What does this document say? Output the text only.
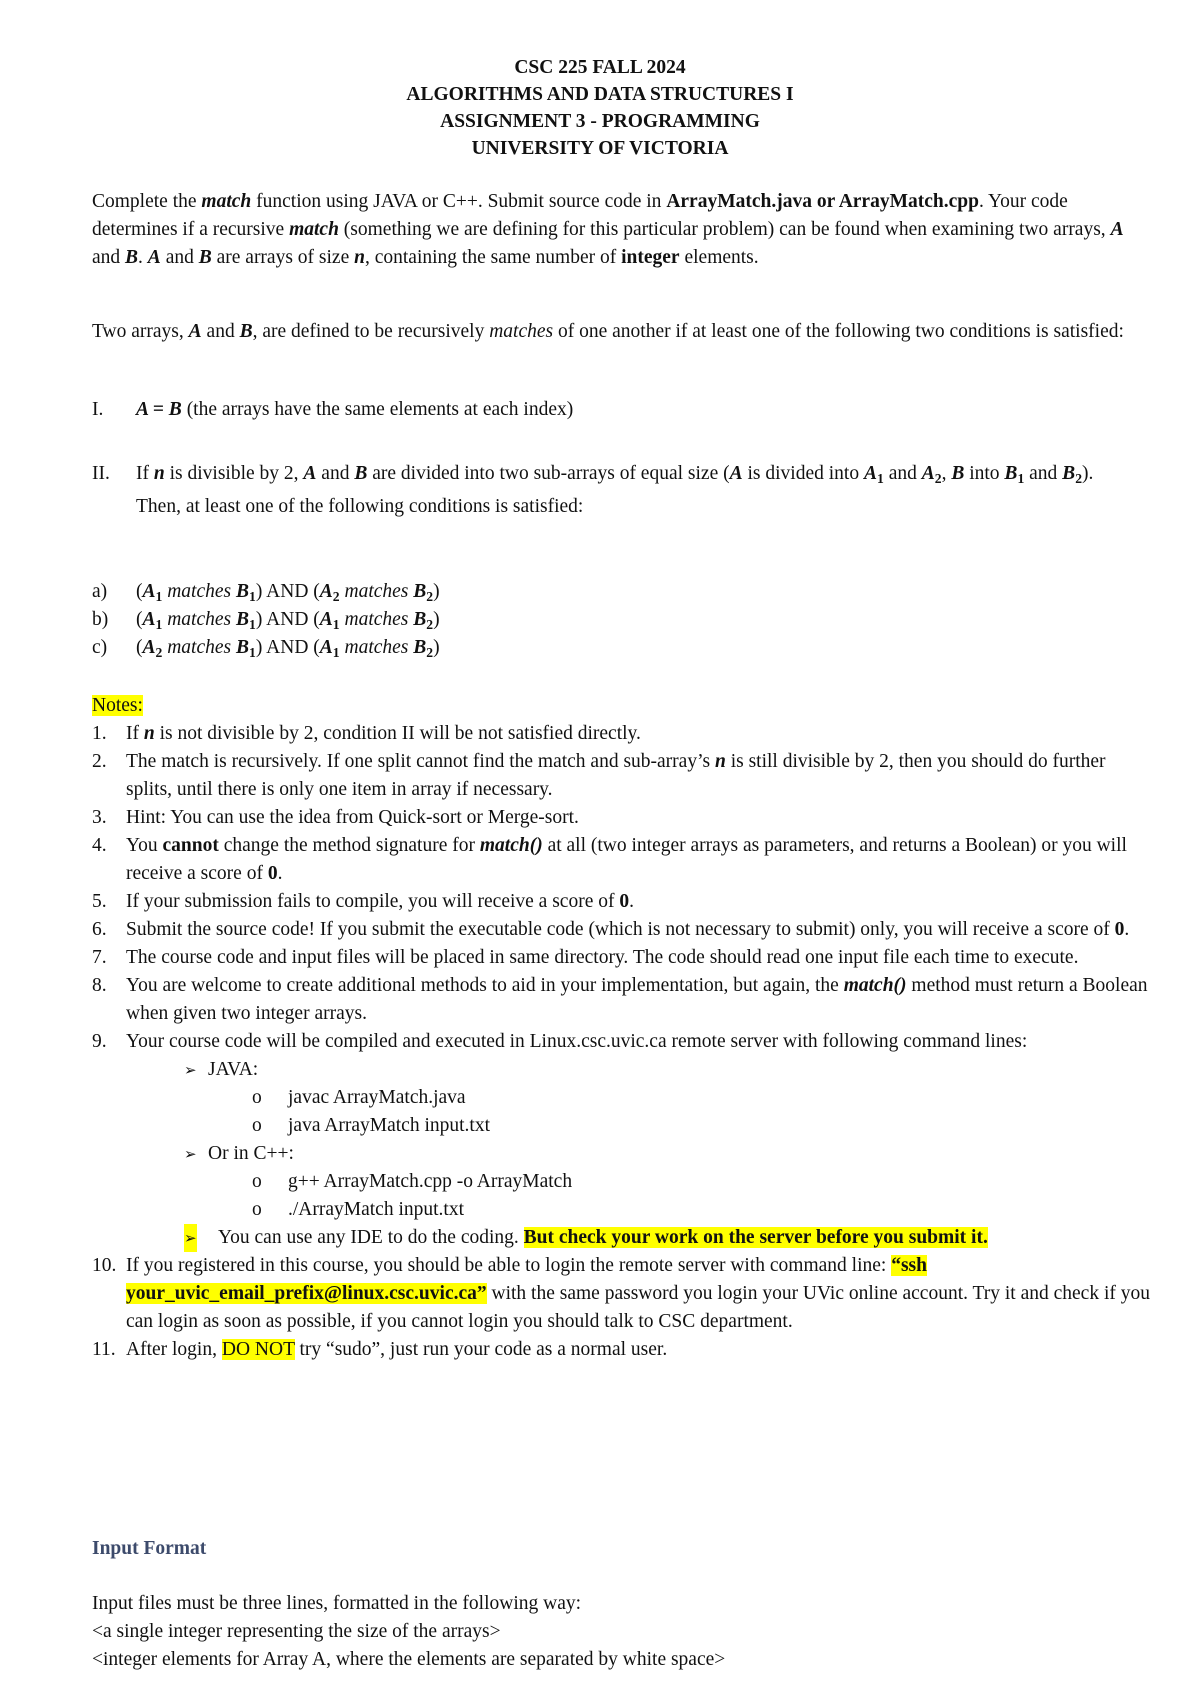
CSC 225 FALL 2024
ALGORITHMS AND DATA STRUCTURES I
ASSIGNMENT 3 - PROGRAMMING
UNIVERSITY OF VICTORIA

Complete the match function using JAVA or C++. Submit source code in ArrayMatch.java or ArrayMatch.cpp. Your code determines if a recursive match (something we are defining for this particular problem) can be found when examining two arrays, A and B. A and B are arrays of size n, containing the same number of integer elements.

Two arrays, A and B, are defined to be recursively matches of one another if at least one of the following two conditions is satisfied:

I. A = B (the arrays have the same elements at each index)
II. If n is divisible by 2, A and B are divided into two sub-arrays of equal size (A is divided into $A_1$ and $A_2$, B into $B_1$ and $B_2$). Then, at least one of the following conditions is satisfied:
a) ($A_1$ matches $B_1$) AND ($A_2$ matches $B_2$)
b) ($A_1$ matches $B_1$) AND ($A_1$ matches $B_2$)
c) ($A_2$ matches $B_1$) AND ($A_1$ matches $B_2$)
Notes:
1. If n is not divisible by 2, condition II will be not satisfied directly.
2. The match is recursively. If one split cannot find the match and sub-array’s n is still divisible by 2, then you should do further splits, until there is only one item in array if necessary.
3. Hint: You can use the idea from Quick-sort or Merge-sort.
4. You cannot change the method signature for match() at all (two integer arrays as parameters, and returns a Boolean) or you will receive a score of 0.
5. If your submission fails to compile, you will receive a score of 0.
6. Submit the source code! If you submit the executable code (which is not necessary to submit) only, you will receive a score of 0.
7. The course code and input files will be placed in same directory. The code should read one input file each time to execute.
8. You are welcome to create additional methods to aid in your implementation, but again, the match() method must return a Boolean when given two integer arrays.
9. Your course code will be compiled and executed in Linux.csc.uvic.ca remote server with following command lines:
➢ JAVA:
o javac ArrayMatch.java
o java ArrayMatch input.txt
➢ Or in C++:
o g++ ArrayMatch.cpp -o ArrayMatch
o ./ArrayMatch input.txt
➢ You can use any IDE to do the coding. But check your work on the server before you submit it.
10. If you registered in this course, you should be able to login the remote server with command line: “ssh your_uvic_email_prefix@linux.csc.uvic.ca” with the same password you login your UVic online account. Try it and check if you can login as soon as possible, if you cannot login you should talk to CSC department.
11. After login, DO NOT try “sudo”, just run your code as a normal user.
Input Format
Input files must be three lines, formatted in the following way:
<a single integer representing the size of the arrays>
<integer elements for Array A, where the elements are separated by white space>
